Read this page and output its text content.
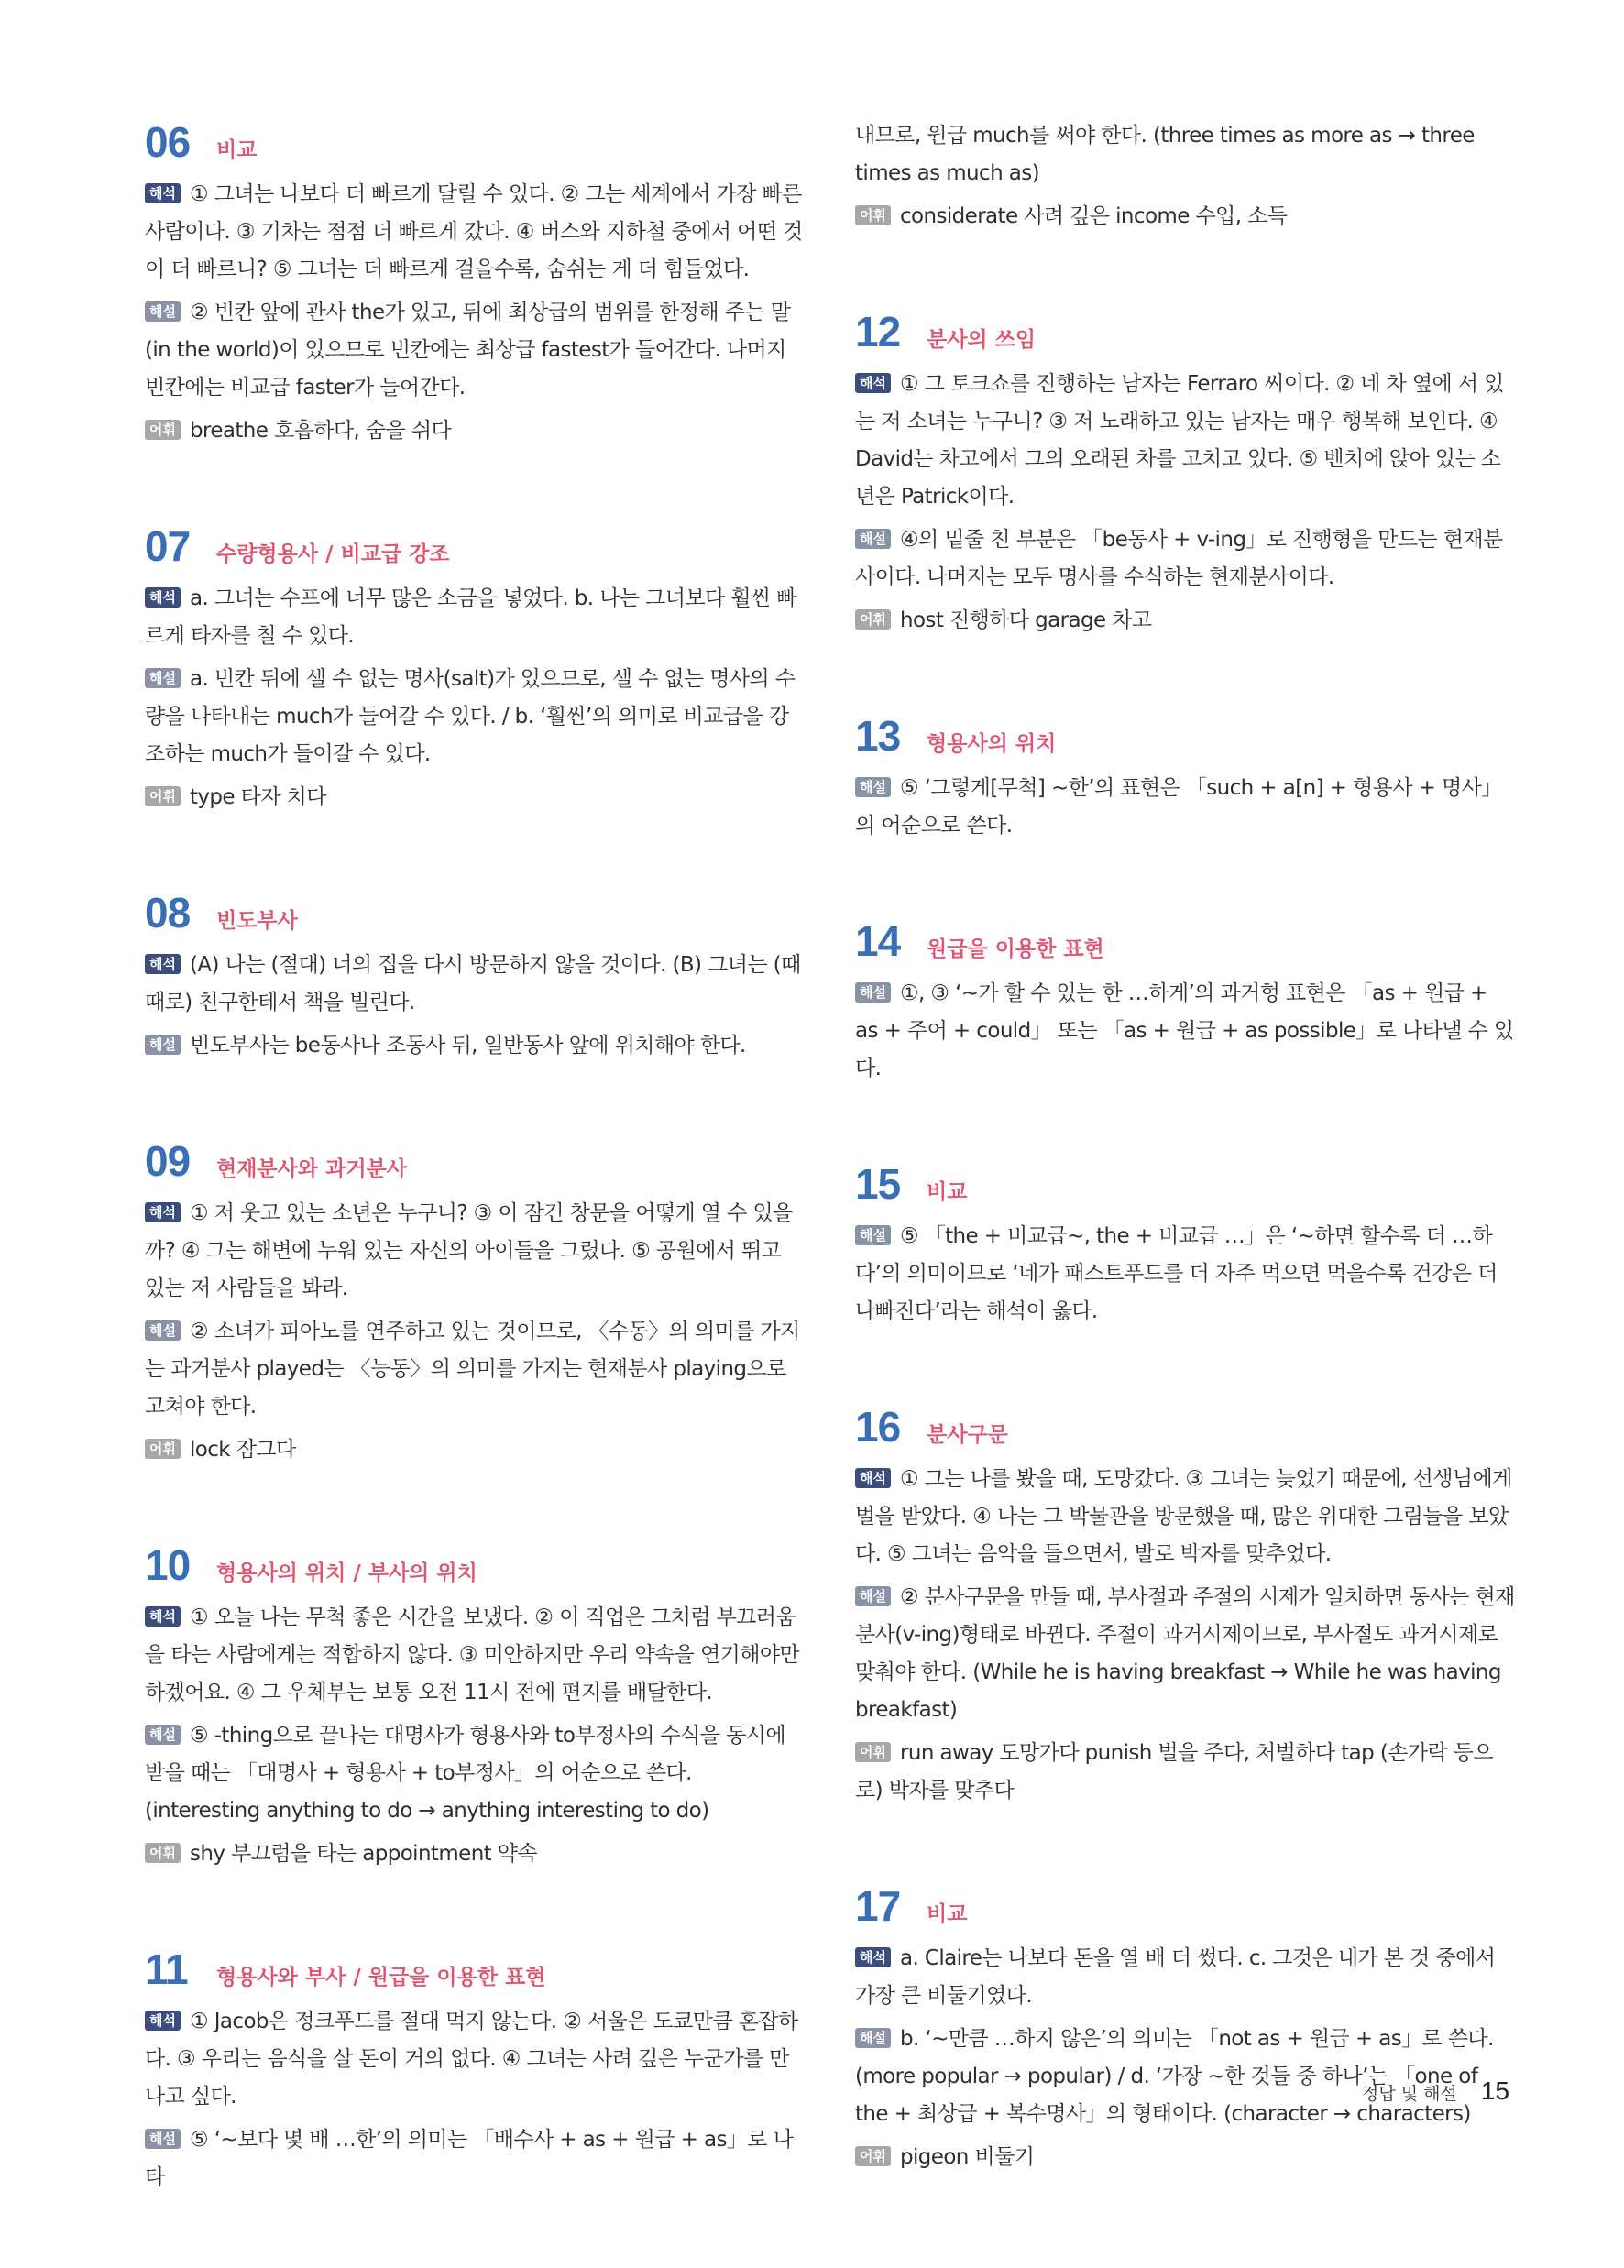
06	비교
해석 ① 그녀는 나보다 더 빠르게 달릴 수 있다. ② 그는 세계에서 가장 빠른 사람이다. ③ 기차는 점점 더 빠르게 갔다. ④ 버스와 지하철 중에서 어떤 것이 더 빠르니? ⑤ 그녀는 더 빠르게 걸을수록, 숨쉬는 게 더 힘들었다.
해설 ② 빈칸 앞에 관사 the가 있고, 뒤에 최상급의 범위를 한정해 주는 말(in the world)이 있으므로 빈칸에는 최상급 fastest가 들어간다. 나머지 빈칸에는 비교급 faster가 들어간다.
어휘 breathe 호흡하다, 숨을 쉬다
07	수량형용사 / 비교급 강조
해석 a. 그녀는 수프에 너무 많은 소금을 넣었다. b. 나는 그녀보다 훨씬 빠르게 타자를 칠 수 있다.
해설 a. 빈칸 뒤에 셀 수 없는 명사(salt)가 있으므로, 셀 수 없는 명사의 수량을 나타내는 much가 들어갈 수 있다. / b. ‘훨씬’의 의미로 비교급을 강조하는 much가 들어갈 수 있다.
어휘 type 타자 치다
08	빈도부사
해석 (A) 나는 (절대) 너의 집을 다시 방문하지 않을 것이다. (B) 그녀는 (때때로) 친구한테서 책을 빌린다.
해설 빈도부사는 be동사나 조동사 뒤, 일반동사 앞에 위치해야 한다.
09	현재분사와 과거분사
해석 ① 저 웃고 있는 소년은 누구니? ③ 이 잠긴 창문을 어떻게 열 수 있을까? ④ 그는 해변에 누워 있는 자신의 아이들을 그렸다. ⑤ 공원에서 뛰고 있는 저 사람들을 봐라.
해설 ② 소녀가 피아노를 연주하고 있는 것이므로, 〈수동〉의 의미를 가지는 과거분사 played는 〈능동〉의 의미를 가지는 현재분사 playing으로 고쳐야 한다.
어휘 lock 잠그다
10	형용사의 위치 / 부사의 위치
해석 ① 오늘 나는 무척 좋은 시간을 보냈다. ② 이 직업은 그처럼 부끄러움을 타는 사람에게는 적합하지 않다. ③ 미안하지만 우리 약속을 연기해야만 하겠어요. ④ 그 우체부는 보통 오전 11시 전에 편지를 배달한다.
해설 ⑤ -thing으로 끝나는 대명사가 형용사와 to부정사의 수식을 동시에 받을 때는 「대명사 + 형용사 + to부정사」의 어순으로 쓴다. (interesting anything to do → anything interesting to do)
어휘 shy 부끄럼을 타는 appointment 약속
11	형용사와 부사 / 원급을 이용한 표현
해석 ① Jacob은 정크푸드를 절대 먹지 않는다. ② 서울은 도쿄만큼 혼잡하다. ③ 우리는 음식을 살 돈이 거의 없다. ④ 그녀는 사려 깊은 누군가를 만나고 싶다.
해설 ⑤ ‘~보다 몇 배 …한’의 의미는 「배수사 + as + 원급 + as」로 나타
내므로, 원급 much를 써야 한다. (three times as more as → three times as much as)
어휘 considerate 사려 깊은 income 수입, 소득
12	분사의 쓰임
해석 ① 그 토크쇼를 진행하는 남자는 Ferraro 씨이다. ② 네 차 옆에 서 있는 저 소녀는 누구니? ③ 저 노래하고 있는 남자는 매우 행복해 보인다. ④ David는 차고에서 그의 오래된 차를 고치고 있다. ⑤ 벤치에 앉아 있는 소년은 Patrick이다.
해설 ④의 밑줄 친 부분은 「be동사 + v-ing」로 진행형을 만드는 현재분사이다. 나머지는 모두 명사를 수식하는 현재분사이다.
어휘 host 진행하다 garage 차고
13	형용사의 위치
해설 ⑤ ‘그렇게[무척] ~한’의 표현은 「such + a[n] + 형용사 + 명사」의 어순으로 쓴다.
14	원급을 이용한 표현
해설 ①, ③ ‘~가 할 수 있는 한 …하게’의 과거형 표현은 「as + 원급 + as + 주어 + could」 또는 「as + 원급 + as possible」로 나타낼 수 있다.
15	비교
해설 ⑤ 「the + 비교급~, the + 비교급 …」은 ‘~하면 할수록 더 …하다’의 의미이므로 ‘네가 패스트푸드를 더 자주 먹으면 먹을수록 건강은 더 나빠진다’라는 해석이 옳다.
16	분사구문
해석 ① 그는 나를 봤을 때, 도망갔다. ③ 그녀는 늦었기 때문에, 선생님에게 벌을 받았다. ④ 나는 그 박물관을 방문했을 때, 많은 위대한 그림들을 보았다. ⑤ 그녀는 음악을 들으면서, 발로 박자를 맞추었다.
해설 ② 분사구문을 만들 때, 부사절과 주절의 시제가 일치하면 동사는 현재분사(v-ing)형태로 바뀐다. 주절이 과거시제이므로, 부사절도 과거시제로 맞춰야 한다. (While he is having breakfast → While he was having breakfast)
어휘 run away 도망가다 punish 벌을 주다, 처벌하다 tap (손가락 등으로) 박자를 맞추다
17	비교
해석 a. Claire는 나보다 돈을 열 배 더 썼다. c. 그것은 내가 본 것 중에서 가장 큰 비둘기였다.
해설 b. ‘~만큼 …하지 않은’의 의미는 「not as + 원급 + as」로 쓴다. (more popular → popular) / d. ‘가장 ~한 것들 중 하나’는 「one of the + 최상급 + 복수명사」의 형태이다. (character → characters)
어휘 pigeon 비둘기
정답 및 해설 15
